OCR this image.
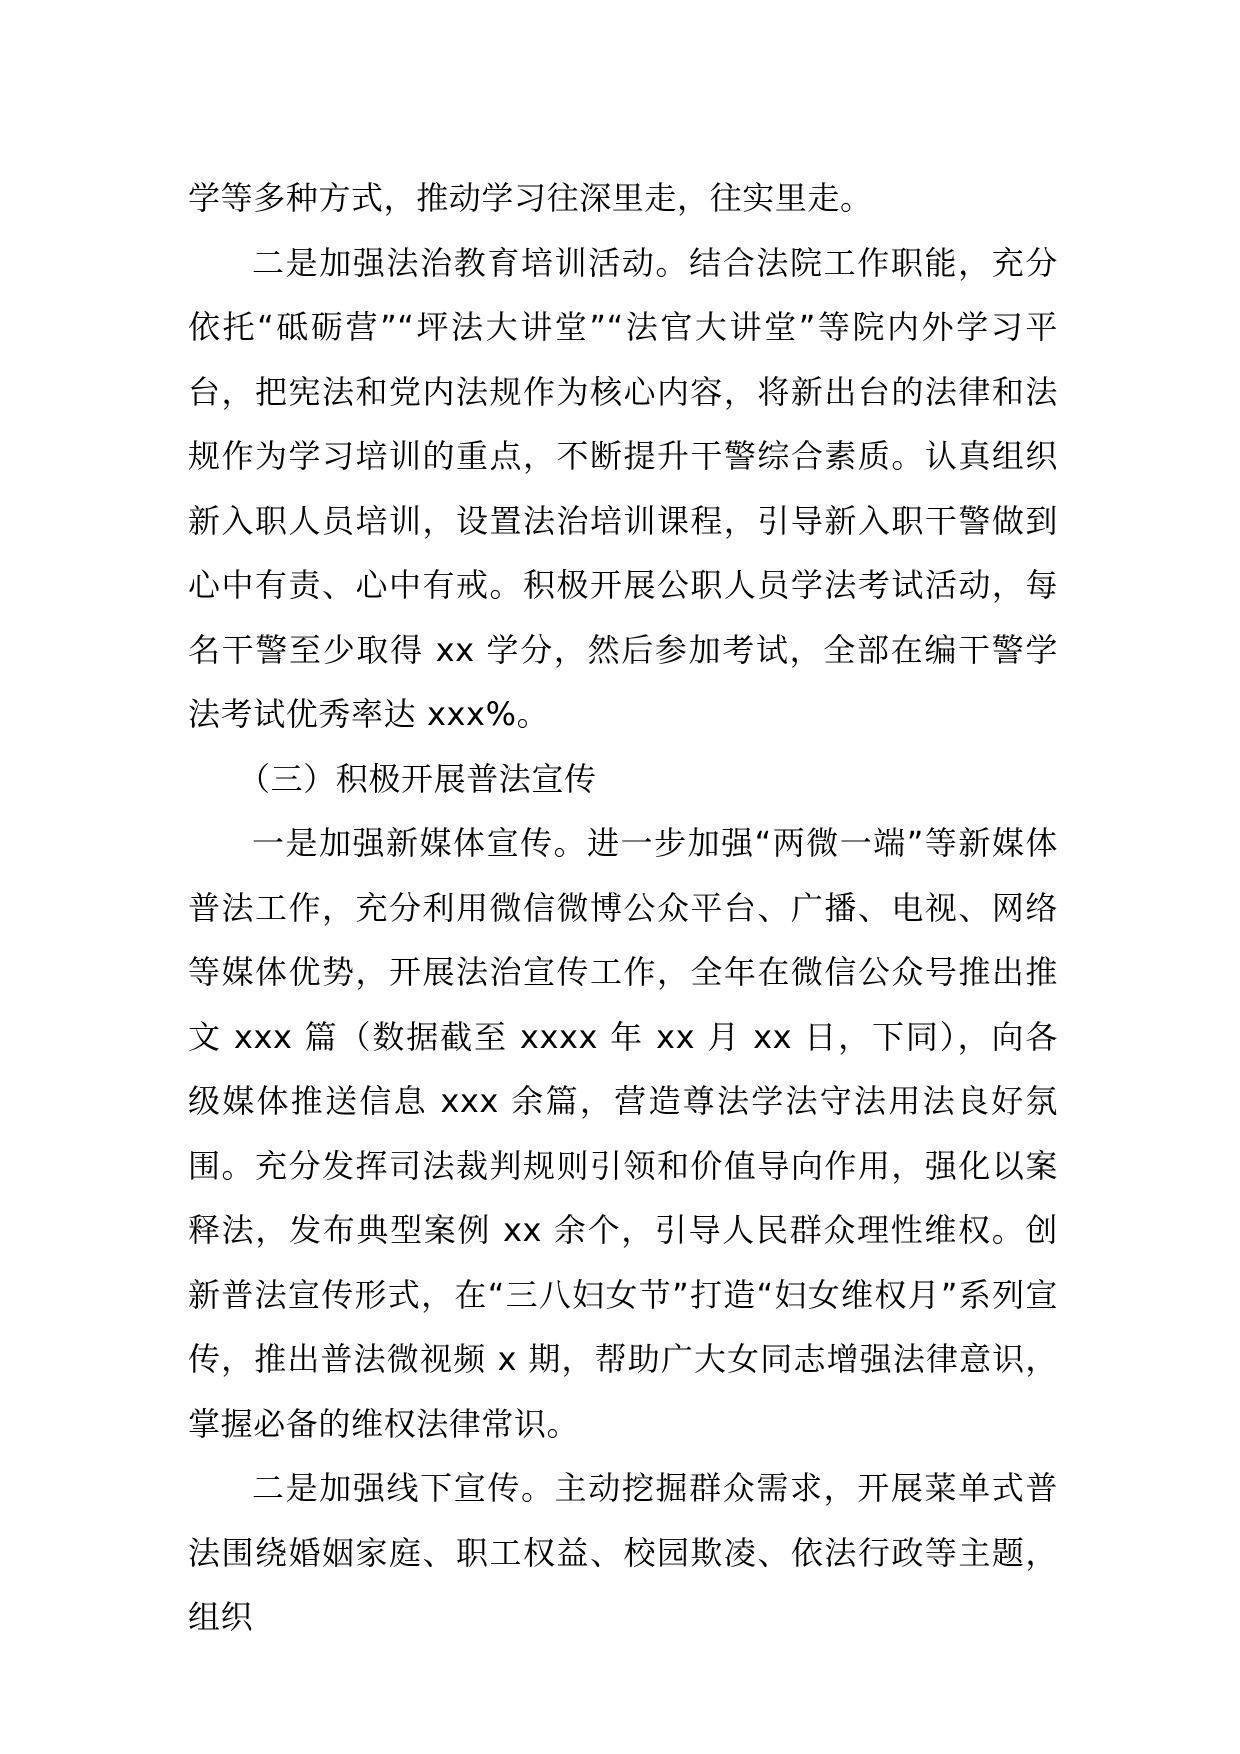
学等多种方式，推动学习往深里走，往实里走。

二是加强法治教育培训活动。结合法院工作职能，充分依托“砥砺营”“坪法大讲堂”“法官大讲堂”等院内外学习平台，把宪法和党内法规作为核心内容，将新出台的法律和法规作为学习培训的重点，不断提升干警综合素质。认真组织新入职人员培训，设置法治培训课程，引导新入职干警做到心中有责、心中有戒。积极开展公职人员学法考试活动，每名干警至少取得 xx 学分，然后参加考试，全部在编干警学法考试优秀率达 xxx%。

（三）积极开展普法宣传

一是加强新媒体宣传。进一步加强“两微一端”等新媒体普法工作，充分利用微信微博公众平台、广播、电视、网络等媒体优势，开展法治宣传工作，全年在微信公众号推出推文 xxx 篇（数据截至 xxxx 年 xx 月 xx 日，下同），向各级媒体推送信息 xxx 余篇，营造尊法学法守法用法良好氛围。充分发挥司法裁判规则引领和价值导向作用，强化以案释法，发布典型案例 xx 余个，引导人民群众理性维权。创新普法宣传形式，在“三八妇女节”打造“妇女维权月”系列宣传，推出普法微视频 x 期，帮助广大女同志增强法律意识，掌握必备的维权法律常识。

二是加强线下宣传。主动挖掘群众需求，开展菜单式普法围绕婚姻家庭、职工权益、校园欺凌、依法行政等主题，组织
